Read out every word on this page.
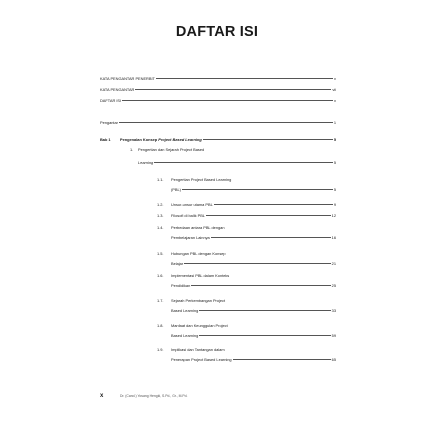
DAFTAR ISI
KATA PENGANTAR PENERBIT	v
KATA PENGANTAR	vii
DAFTAR ISI	x
Pengantar	1
Bab 1	Pengenalan Konsep Project Based Learning	5
1. Pengertian dan Sejarah Project Based
Learning	5
1.1. Pengertian Project Based Learning
(PBL)	5
1.2.	Unsur-unsur utama PBL	9
1.3.	Filosofi di balik PBL	12
1.4. Perbedaan antara PBL dengan
Pembelajaran Lainnya	16
1.5. Hubungan PBL dengan Konsep
Belajar	21
1.6. Implementasi PBL dalam Konteks
Pendidikan	25
1.7. Sejarah Perkembangan Project
Based Learning	33
1.8. Manfaat dan Keunggulan Project
Based Learning	59
1.9. Implikasi dan Tantangan dalam
Penerapan Project Based Learning	65
x	Dr. (Cand.) Yosang Hengki, S.Pd., Gr., M.Pd.
